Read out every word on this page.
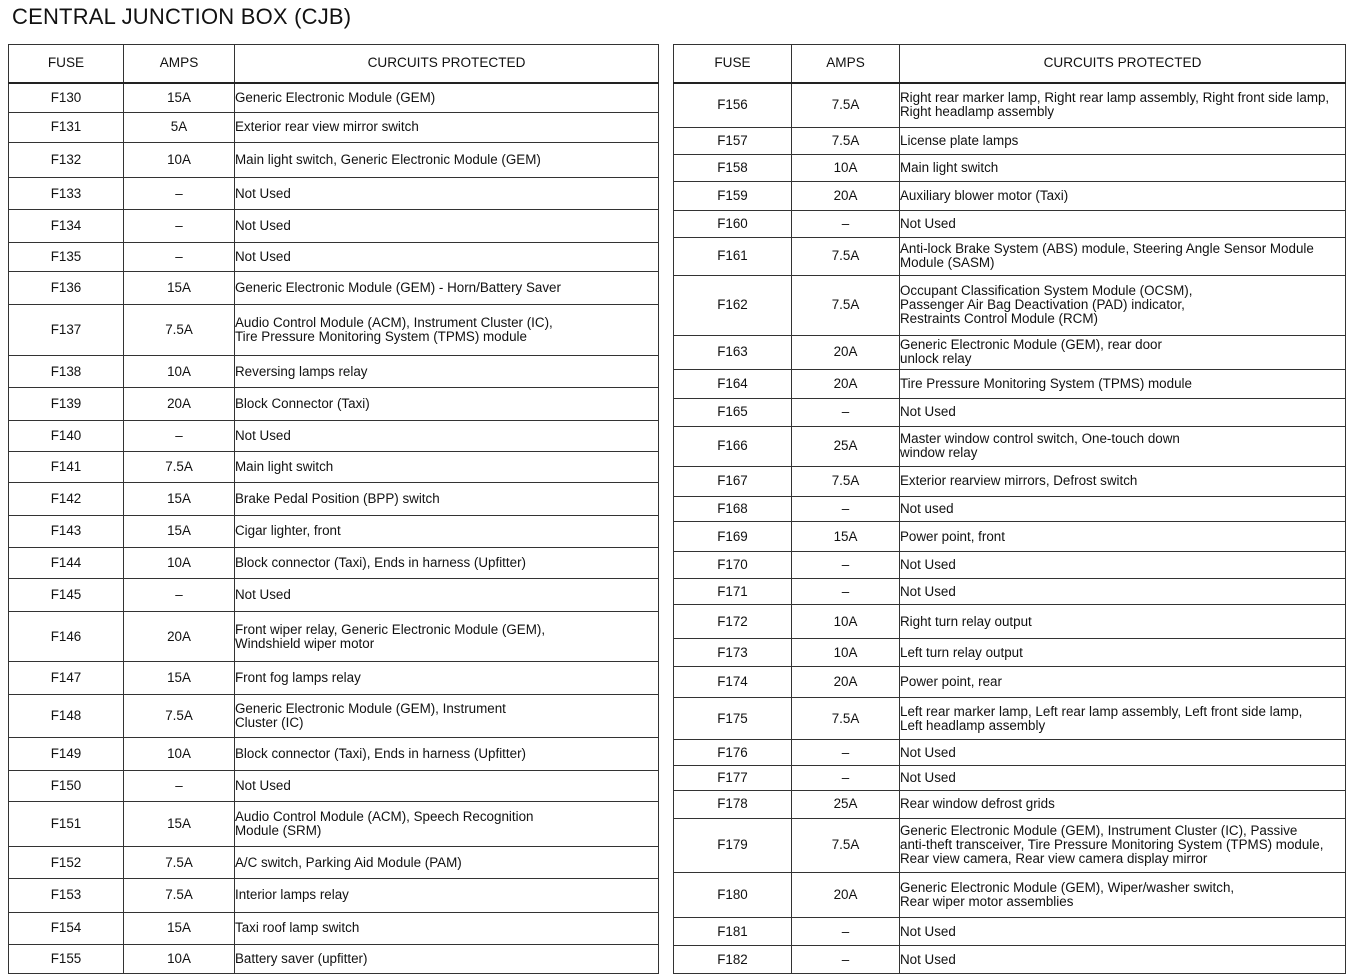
CENTRAL JUNCTION BOX (CJB)
FUSE	AMPS	CURCUITS PROTECTED
F130	15A	Generic Electronic Module (GEM)
F131	5A	Exterior rear view mirror switch
F132	10A	Main light switch, Generic Electronic Module (GEM)
F133	–	Not Used
F134	–	Not Used
F135	–	Not Used
F136	15A	Generic Electronic Module (GEM) - Horn/Battery Saver
F137	7.5A	Audio Control Module (ACM), Instrument Cluster (IC),
Tire Pressure Monitoring System (TPMS) module
F138	10A	Reversing lamps relay
F139	20A	Block Connector (Taxi)
F140	–	Not Used
F141	7.5A	Main light switch
F142	15A	Brake Pedal Position (BPP) switch
F143	15A	Cigar lighter, front
F144	10A	Block connector (Taxi), Ends in harness (Upfitter)
F145	–	Not Used
F146	20A	Front wiper relay, Generic Electronic Module (GEM),
Windshield wiper motor
F147	15A	Front fog lamps relay
F148	7.5A	Generic Electronic Module (GEM), Instrument
Cluster (IC)
F149	10A	Block connector (Taxi), Ends in harness (Upfitter)
F150	–	Not Used
F151	15A	Audio Control Module (ACM), Speech Recognition
Module (SRM)
F152	7.5A	A/C switch, Parking Aid Module (PAM)
F153	7.5A	Interior lamps relay
F154	15A	Taxi roof lamp switch
F155	10A	Battery saver (upfitter)
FUSE	AMPS	CURCUITS PROTECTED
F156	7.5A	Right rear marker lamp, Right rear lamp assembly, Right front side lamp,
Right headlamp assembly
F157	7.5A	License plate lamps
F158	10A	Main light switch
F159	20A	Auxiliary blower motor (Taxi)
F160	–	Not Used
F161	7.5A	Anti-lock Brake System (ABS) module, Steering Angle Sensor Module
Module (SASM)
F162	7.5A	Occupant Classification System Module (OCSM),
Passenger Air Bag Deactivation (PAD) indicator,
Restraints Control Module (RCM)
F163	20A	Generic Electronic Module (GEM), rear door
unlock relay
F164	20A	Tire Pressure Monitoring System (TPMS) module
F165	–	Not Used
F166	25A	Master window control switch, One-touch down
window relay
F167	7.5A	Exterior rearview mirrors, Defrost switch
F168	–	Not used
F169	15A	Power point, front
F170	–	Not Used
F171	–	Not Used
F172	10A	Right turn relay output
F173	10A	Left turn relay output
F174	20A	Power point, rear
F175	7.5A	Left rear marker lamp, Left rear lamp assembly, Left front side lamp,
Left headlamp assembly
F176	–	Not Used
F177	–	Not Used
F178	25A	Rear window defrost grids
F179	7.5A	Generic Electronic Module (GEM), Instrument Cluster (IC), Passive
anti-theft transceiver, Tire Pressure Monitoring System (TPMS) module,
Rear view camera, Rear view camera display mirror
F180	20A	Generic Electronic Module (GEM), Wiper/washer switch,
Rear wiper motor assemblies
F181	–	Not Used
F182	–	Not Used
